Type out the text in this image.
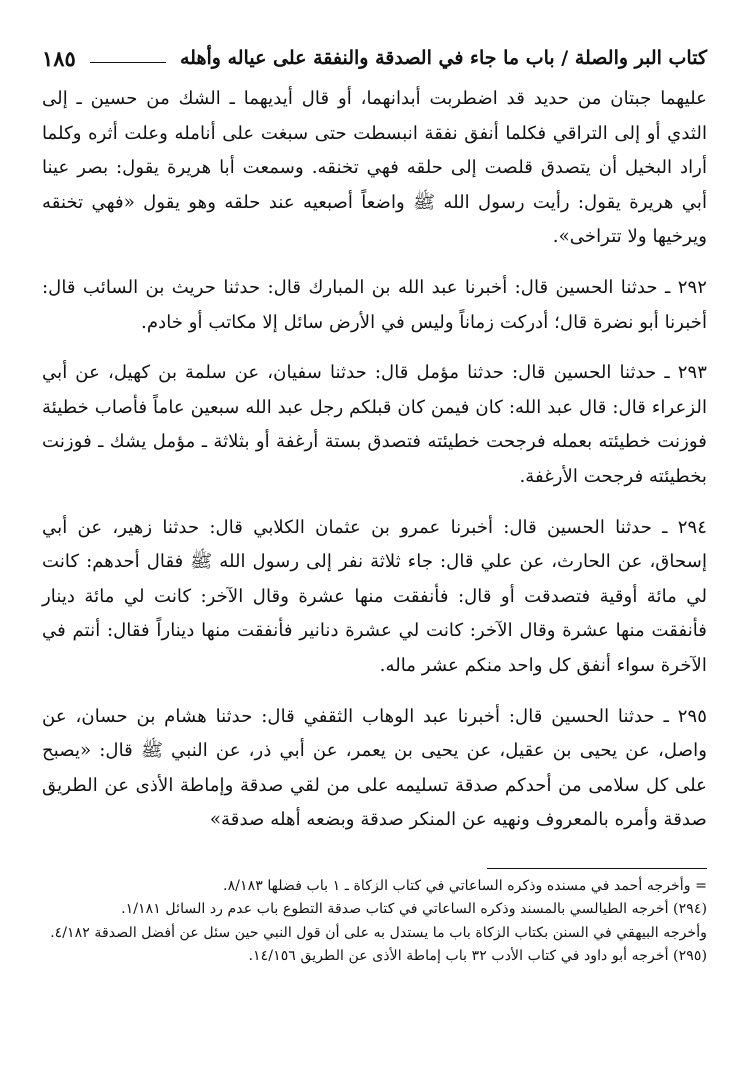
كتاب البر والصلة / باب ما جاء في الصدقة والنفقة على عياله وأهله
١٨٥

عليهما جبتان من حديد قد اضطربت أبدانهما، أو قال أيديهما ـ الشك من حسين ـ إلى الثدي أو إلى التراقي فكلما أنفق نفقة انبسطت حتى سبغت على أنامله وعلت أثره وكلما أراد البخيل أن يتصدق قلصت إلى حلقه فهي تخنقه. وسمعت أبا هريرة يقول: بصر عينا أبي هريرة يقول: رأيت رسول الله ﷺ واضعاً أصبعيه عند حلقه وهو يقول «فهي تخنقه ويرخيها ولا تتراخى».

٢٩٢ ـ حدثنا الحسين قال: أخبرنا عبد الله بن المبارك قال: حدثنا حريث بن السائب قال: أخبرنا أبو نضرة قال؛ أدركت زماناً وليس في الأرض سائل إلا مكاتب أو خادم.

٢٩٣ ـ حدثنا الحسين قال: حدثنا مؤمل قال: حدثنا سفيان، عن سلمة بن كهيل، عن أبي الزعراء قال: قال عبد الله: كان فيمن كان قبلكم رجل عبد الله سبعين عاماً فأصاب خطيئة فوزنت خطيئته بعمله فرجحت خطيئته فتصدق بستة أرغفة أو بثلاثة ـ مؤمل يشك ـ فوزنت بخطيئته فرجحت الأرغفة.

٢٩٤ ـ حدثنا الحسين قال: أخبرنا عمرو بن عثمان الكلابي قال: حدثنا زهير، عن أبي إسحاق، عن الحارث، عن علي قال: جاء ثلاثة نفر إلى رسول الله ﷺ فقال أحدهم: كانت لي مائة أوقية فتصدقت أو قال: فأنفقت منها عشرة وقال الآخر: كانت لي مائة دينار فأنفقت منها عشرة وقال الآخر: كانت لي عشرة دنانير فأنفقت منها ديناراً فقال: أنتم في الآخرة سواء أنفق كل واحد منكم عشر ماله.

٢٩٥ ـ حدثنا الحسين قال: أخبرنا عبد الوهاب الثقفي قال: حدثنا هشام بن حسان، عن واصل، عن يحيى بن عقيل، عن يحيى بن يعمر، عن أبي ذر، عن النبي ﷺ قال: «يصبح على كل سلامى من أحدكم صدقة تسليمه على من لقي صدقة وإماطة الأذى عن الطريق صدقة وأمره بالمعروف ونهيه عن المنكر صدقة وبضعه أهله صدقة»

= وأخرجه أحمد في مسنده وذكره الساعاتي في كتاب الزكاة ـ ١ باب فضلها ٨/١٨٣.

(٢٩٤) أخرجه الطيالسي بالمسند وذكره الساعاتي في كتاب صدقة التطوع باب عدم رد السائل ١/١٨١.

وأخرجه البيهقي في السنن بكتاب الزكاة باب ما يستدل به على أن قول النبي حين سئل عن أفضل الصدقة ٤/١٨٢.

(٢٩٥) أخرجه أبو داود في كتاب الأدب ٣٢ باب إماطة الأذى عن الطريق ١٤/١٥٦.
